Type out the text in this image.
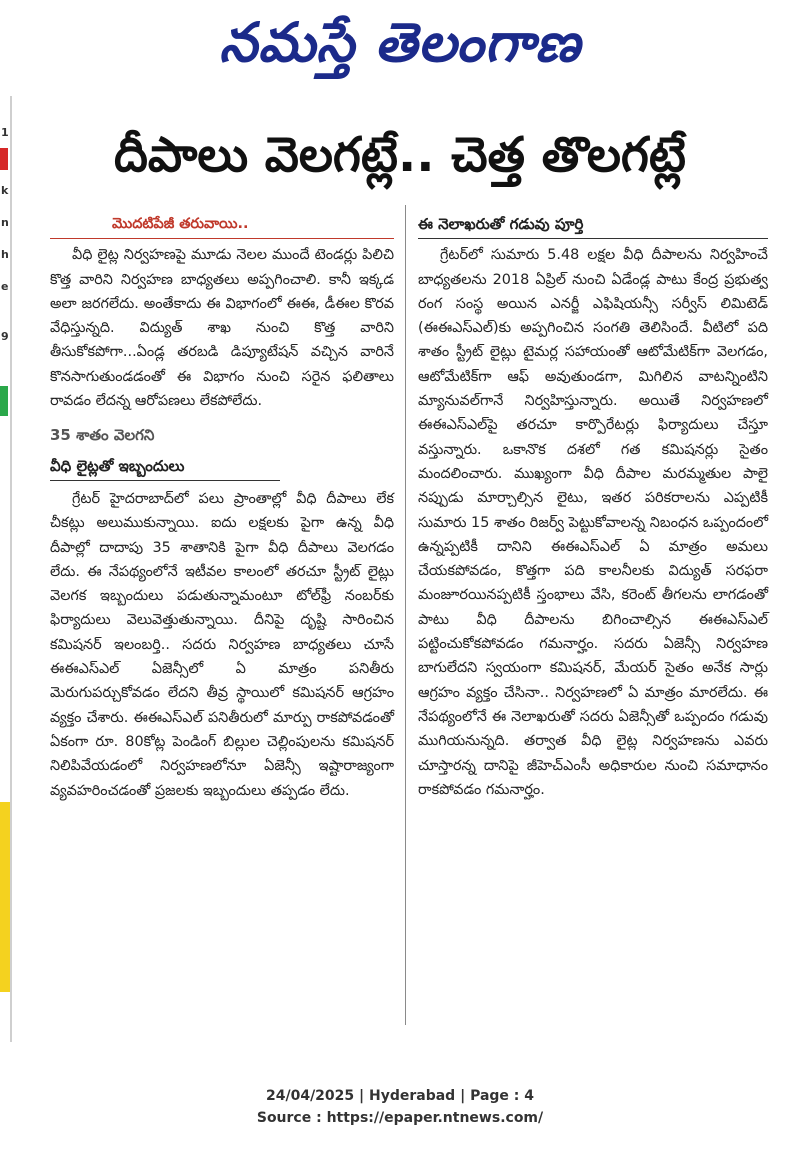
నమస్తే తెలంగాణ
1
k
n
h
e
9
దీపాలు వెలగట్లే.. చెత్త తొలగట్లే
మొదటిపేజీ తరువాయి..

వీధి లైట్ల నిర్వహణపై మూడు నెలల ముందే టెండర్లు పిలిచి కొత్త వారిని నిర్వహణ బాధ్యతలు అప్పగించాలి. కానీ ఇక్కడ అలా జరగలేదు. అంతేకాదు ఈ విభాగంలో ఈఈ, డీఈల కొరవ వేధిస్తున్నది. విద్యుత్ శాఖ నుంచి కొత్త వారిని తీసుకోకపోగా...ఏండ్ల తరబడి డిప్యూటేషన్ వచ్చిన వారినే కొనసాగుతుండడంతో ఈ విభాగం నుంచి సరైన ఫలితాలు రావడం లేదన్న ఆరోపణలు లేకపోలేదు.

35 శాతం వెలగని
వీధి లైట్లతో ఇబ్బందులు

గ్రేటర్ హైదరాబాద్‌లో పలు ప్రాంతాల్లో వీధి దీపాలు లేక చీకట్లు అలుముకున్నాయి. ఐదు లక్షలకు పైగా ఉన్న వీధి దీపాల్లో దాదాపు 35 శాతానికి పైగా వీధి దీపాలు వెలగడం లేదు. ఈ నేపథ్యంలోనే ఇటీవల కాలంలో తరచూ స్ట్రీట్ లైట్లు వెలగక ఇబ్బందులు పడుతున్నామంటూ టోల్‌ఫ్రీ నంబర్‌కు ఫిర్యాదులు వెలువెత్తుతున్నాయి. దీనిపై దృష్టి సారించిన కమిషనర్ ఇలంబర్తి.. సదరు నిర్వహణ బాధ్యతలు చూసే ఈఈఎస్‌ఎల్ ఏజెన్సీలో ఏ మాత్రం పనితీరు మెరుగుపర్చుకోవడం లేదని తీవ్ర స్థాయిలో కమిషనర్ ఆగ్రహం వ్యక్తం చేశారు. ఈఈఎస్‌ఎల్ పనితీరులో మార్పు రాకపోవడంతో ఏకంగా రూ. 80కోట్ల పెండింగ్ బిల్లుల చెల్లింపులను కమిషనర్ నిలిపివేయడంలో నిర్వహణలోనూ ఏజెన్సీ ఇష్టారాజ్యంగా వ్యవహరించడంతో ప్రజలకు ఇబ్బందులు తప్పడం లేదు.

ఈ నెలాఖరుతో గడువు పూర్తి

గ్రేటర్‌లో సుమారు 5.48 లక్షల వీధి దీపాలను నిర్వహించే బాధ్యతలను 2018 ఏప్రిల్ నుంచి ఏడేండ్ల పాటు కేంద్ర ప్రభుత్వ రంగ సంస్థ అయిన ఎనర్జీ ఎఫిషియన్సీ సర్వీస్ లిమిటెడ్ (ఈఈఎస్‌ఎల్)కు అప్పగించిన సంగతి తెలిసిందే. వీటిలో పది శాతం స్ట్రీట్ లైట్లు టైమర్ల సహాయంతో ఆటోమేటిక్‌గా వెలగడం, ఆటోమేటిక్‌గా ఆఫ్ అవుతుండగా, మిగిలిన వాటన్నింటిని మ్యానువల్‌గానే నిర్వహిస్తున్నారు. అయితే నిర్వహణలో ఈఈఎస్‌ఎల్‌పై తరచూ కార్పొరేటర్లు ఫిర్యాదులు చేస్తూ వస్తున్నారు. ఒకానొక దశలో గత కమిషనర్లు సైతం మందలించారు. ముఖ్యంగా వీధి దీపాల మరమ్మతుల పాలై నప్పుడు మార్చాల్సిన లైటు, ఇతర పరికరాలను ఎప్పటికీ సుమారు 15 శాతం రిజర్వ్ పెట్టుకోవాలన్న నిబంధన ఒప్పందంలో ఉన్నప్పటికీ దానిని ఈఈఎస్‌ఎల్ ఏ మాత్రం అమలు చేయకపోవడం, కొత్తగా పది కాలనీలకు విద్యుత్ సరఫరా మంజూరయినప్పటికీ స్తంభాలు వేసి, కరెంట్ తీగలను లాగడంతో పాటు వీధి దీపాలను బిగించాల్సిన ఈఈఎస్‌ఎల్ పట్టించుకోకపోవడం గమనార్హం. సదరు ఏజెన్సీ నిర్వహణ బాగులేదని స్వయంగా కమిషనర్, మేయర్ సైతం అనేక సార్లు ఆగ్రహం వ్యక్తం చేసినా.. నిర్వహణలో ఏ మాత్రం మారలేదు. ఈ నేపథ్యంలోనే ఈ నెలాఖరుతో సదరు ఏజెన్సీతో ఒప్పందం గడువు ముగియనున్నది. తర్వాత వీధి లైట్ల నిర్వహణను ఎవరు చూస్తారన్న దానిపై జీహెచ్‌ఎంసీ అధికారుల నుంచి సమాధానం రాకపోవడం గమనార్హం.

24/04/2025 | Hyderabad | Page : 4
Source : https://epaper.ntnews.com/
